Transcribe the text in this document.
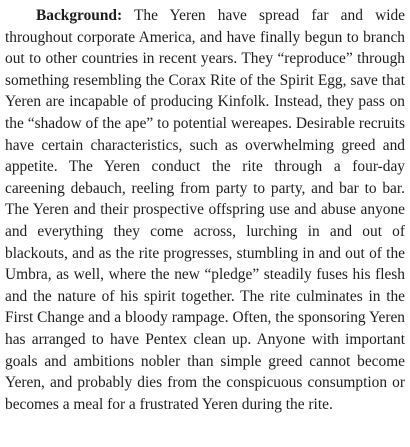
Background: The Yeren have spread far and wide throughout corporate America, and have finally begun to branch out to other countries in recent years. They “reproduce” through something resembling the Corax Rite of the Spirit Egg, save that Yeren are incapable of producing Kinfolk. Instead, they pass on the “shadow of the ape” to potential wereapes. Desirable recruits have certain characteristics, such as overwhelming greed and appetite. The Yeren conduct the rite through a four-day careening debauch, reeling from party to party, and bar to bar. The Yeren and their prospective offspring use and abuse anyone and everything they come across, lurching in and out of blackouts, and as the rite progresses, stumbling in and out of the Umbra, as well, where the new “pledge” steadily fuses his flesh and the nature of his spirit together. The rite culminates in the First Change and a bloody rampage. Often, the sponsoring Yeren has arranged to have Pentex clean up. Anyone with important goals and ambitions nobler than simple greed cannot become Yeren, and probably dies from the conspicuous consumption or becomes a meal for a frustrated Yeren during the rite.
